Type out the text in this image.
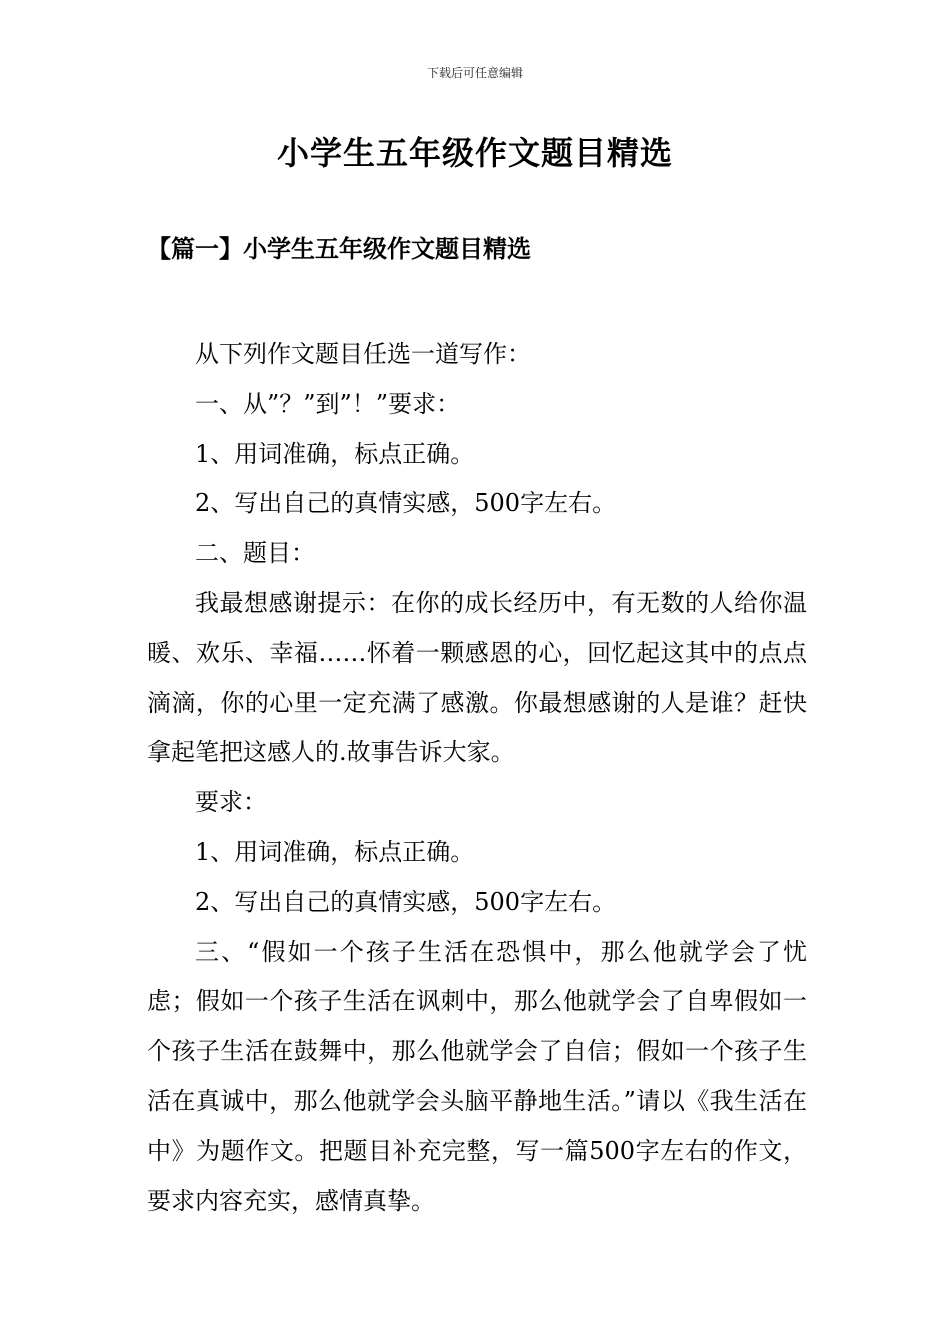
下载后可任意编辑
小学生五年级作文题目精选
【篇一】小学生五年级作文题目精选

从下列作文题目任选一道写作：

一、从”？”到”！”要求：

1、用词准确，标点正确。

2、写出自己的真情实感，500字左右。

二、题目：

我最想感谢提示：在你的成长经历中，有无数的人给你温暖、欢乐、幸福……怀着一颗感恩的心，回忆起这其中的点点滴滴，你的心里一定充满了感激。你最想感谢的人是谁？赶快拿起笔把这感人的.故事告诉大家。

要求：

1、用词准确，标点正确。

2、写出自己的真情实感，500字左右。

三、“假如一个孩子生活在恐惧中，那么他就学会了忧虑；假如一个孩子生活在讽刺中，那么他就学会了自卑假如一个孩子生活在鼓舞中，那么他就学会了自信；假如一个孩子生活在真诚中，那么他就学会头脑平静地生活。”请以《我生活在中》为题作文。把题目补充完整，写一篇500字左右的作文，要求内容充实，感情真挚。
